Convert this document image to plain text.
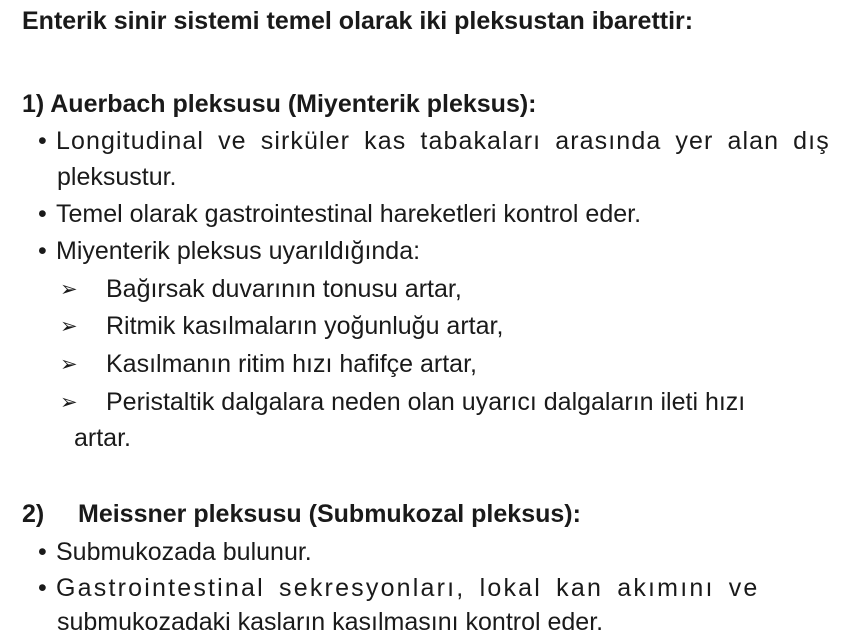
Enterik sinir sistemi temel olarak iki pleksustan ibarettir:
1) Auerbach pleksusu (Miyenterik pleksus):
• Longitudinal ve sirküler kas tabakaları arasında yer alan dış
pleksustur.
• Temel olarak gastrointestinal hareketleri kontrol eder.
• Miyenterik pleksus uyarıldığında:
➢ Bağırsak duvarının tonusu artar,
➢ Ritmik kasılmaların yoğunluğu artar,
➢ Kasılmanın ritim hızı hafifçe artar,
➢ Peristaltik dalgalara neden olan uyarıcı dalgaların ileti hızı
artar.
2) Meissner pleksusu (Submukozal pleksus):
• Submukozada bulunur.
• Gastrointestinal sekresyonları, lokal kan akımını ve
submukozadaki kasların kasılmasını kontrol eder.
